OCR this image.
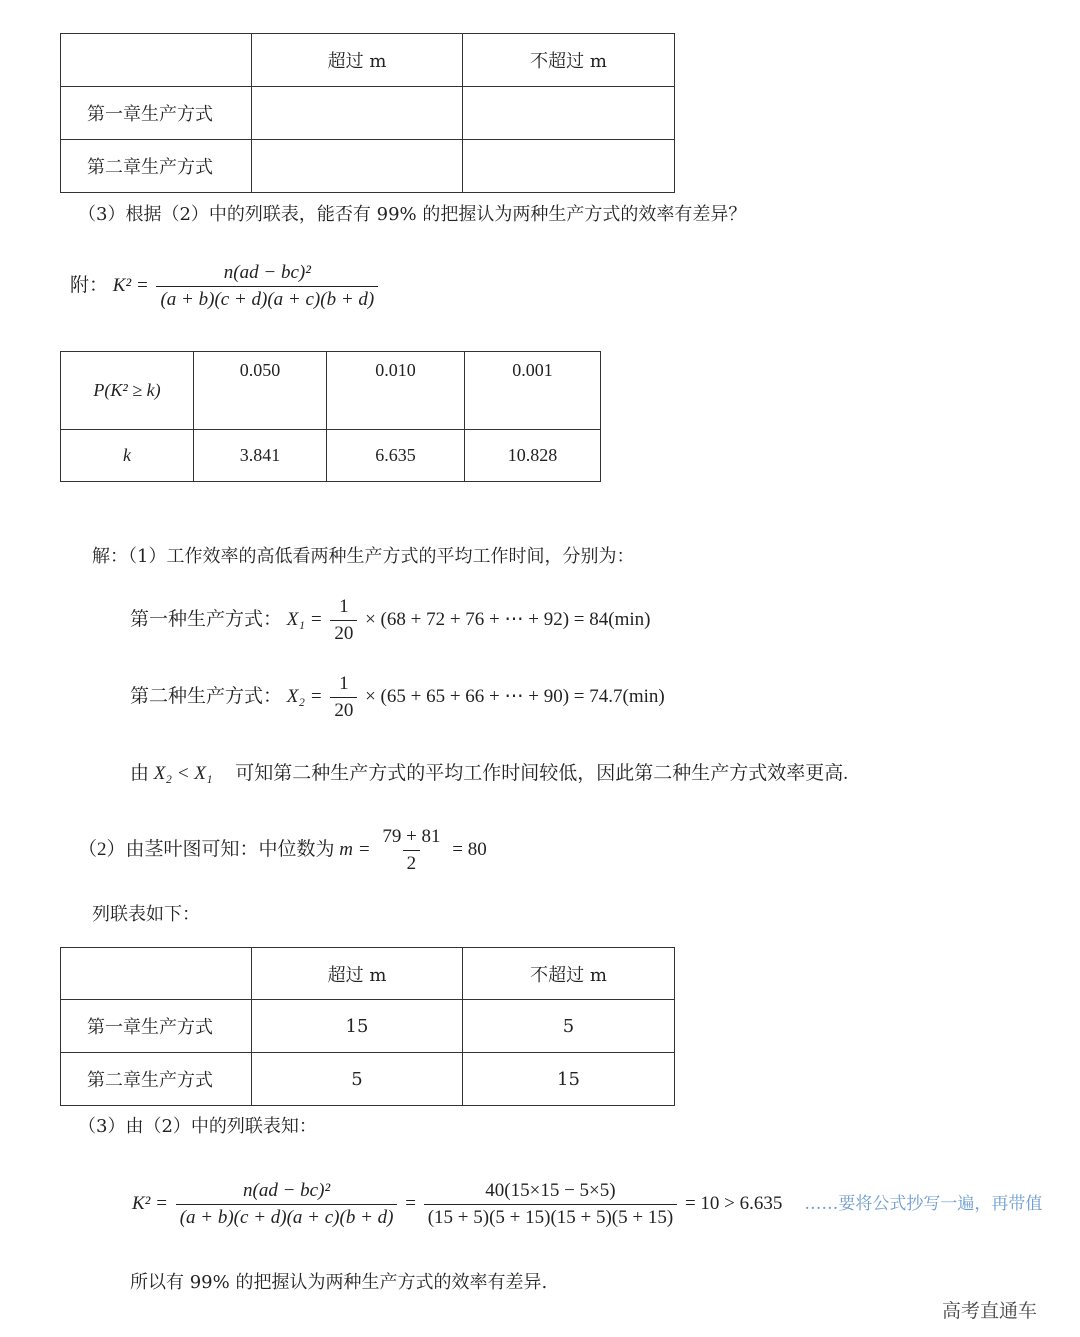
	超过 m	不超过 m
第一章生产方式		
第二章生产方式		
（3）根据（2）中的列联表，能否有 99% 的把握认为两种生产方式的效率有差异？
附： $K^2 = \frac{\text{n(ad − bc)²}}{(a + b)(c + d)(a + c)(b + d)}$
P(K² ≥ k)	0.050	0.010	0.001
k	3.841	6.635	10.828
解：（1）工作效率的高低看两种生产方式的平均工作时间，分别为：
第一种生产方式： $X_1 = \frac{1}{20} \times (68 + 72 + 76$ + ⋯ + 92) = 84(min)
第二种生产方式： $X_2 = \frac{1}{20} \times (65 + 65 + 66$ + ⋯ + 90) = 74.7(min)
由 X₂ < X₁ 可知第二种生产方式的平均工作时间较低，因此第二种生产方式效率更高.
（2）由茎叶图可知：中位数为 $m = \frac{79 + 81}{2} = 80$
列联表如下：
	超过 m	不超过 m
第一章生产方式	15	5
第二章生产方式	5	15
（3）由（2）中的列联表知：
$K^2 = \frac{\text{n(ad − bc)²}}{(a + b)(c + d)(a + c)(b + d)} = \frac{40(15\times 15 - 5\times 5)}{(15 + 5)(5 + 15)(15 + 5)(5 + 15)} = 10 > 6.635$ ……要将公式抄写一遍，再带值
所以有 99% 的把握认为两种生产方式的效率有差异.
高考直通车
